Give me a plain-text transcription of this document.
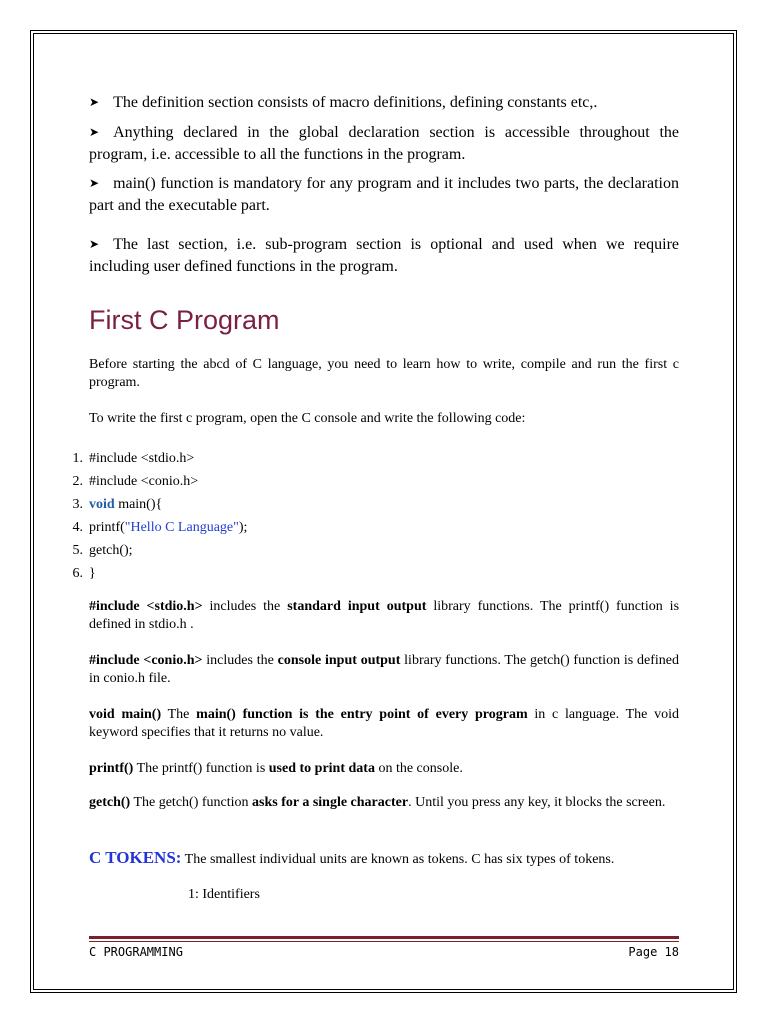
➤ The definition section consists of macro definitions, defining constants etc,.
➤ Anything declared in the global declaration section is accessible throughout the program, i.e. accessible to all the functions in the program.
➤ main() function is mandatory for any program and it includes two parts, the declaration part and the executable part.
➤ The last section, i.e. sub-program section is optional and used when we require including user defined functions in the program.
First C Program
Before starting the abcd of C language, you need to learn how to write, compile and run the first c program.
To write the first c program, open the C console and write the following code:
1. #include <stdio.h>
2. #include <conio.h>
3. void main(){
4. printf("Hello C Language");
5. getch();
6. }
#include <stdio.h> includes the standard input output library functions. The printf() function is defined in stdio.h .
#include <conio.h> includes the console input output library functions. The getch() function is defined in conio.h file.
void main() The main() function is the entry point of every program in c language. The void keyword specifies that it returns no value.
printf() The printf() function is used to print data on the console.
getch() The getch() function asks for a single character. Until you press any key, it blocks the screen.
C TOKENS: The smallest individual units are known as tokens. C has six types of tokens.
1: Identifiers
C PROGRAMMING	Page 18
